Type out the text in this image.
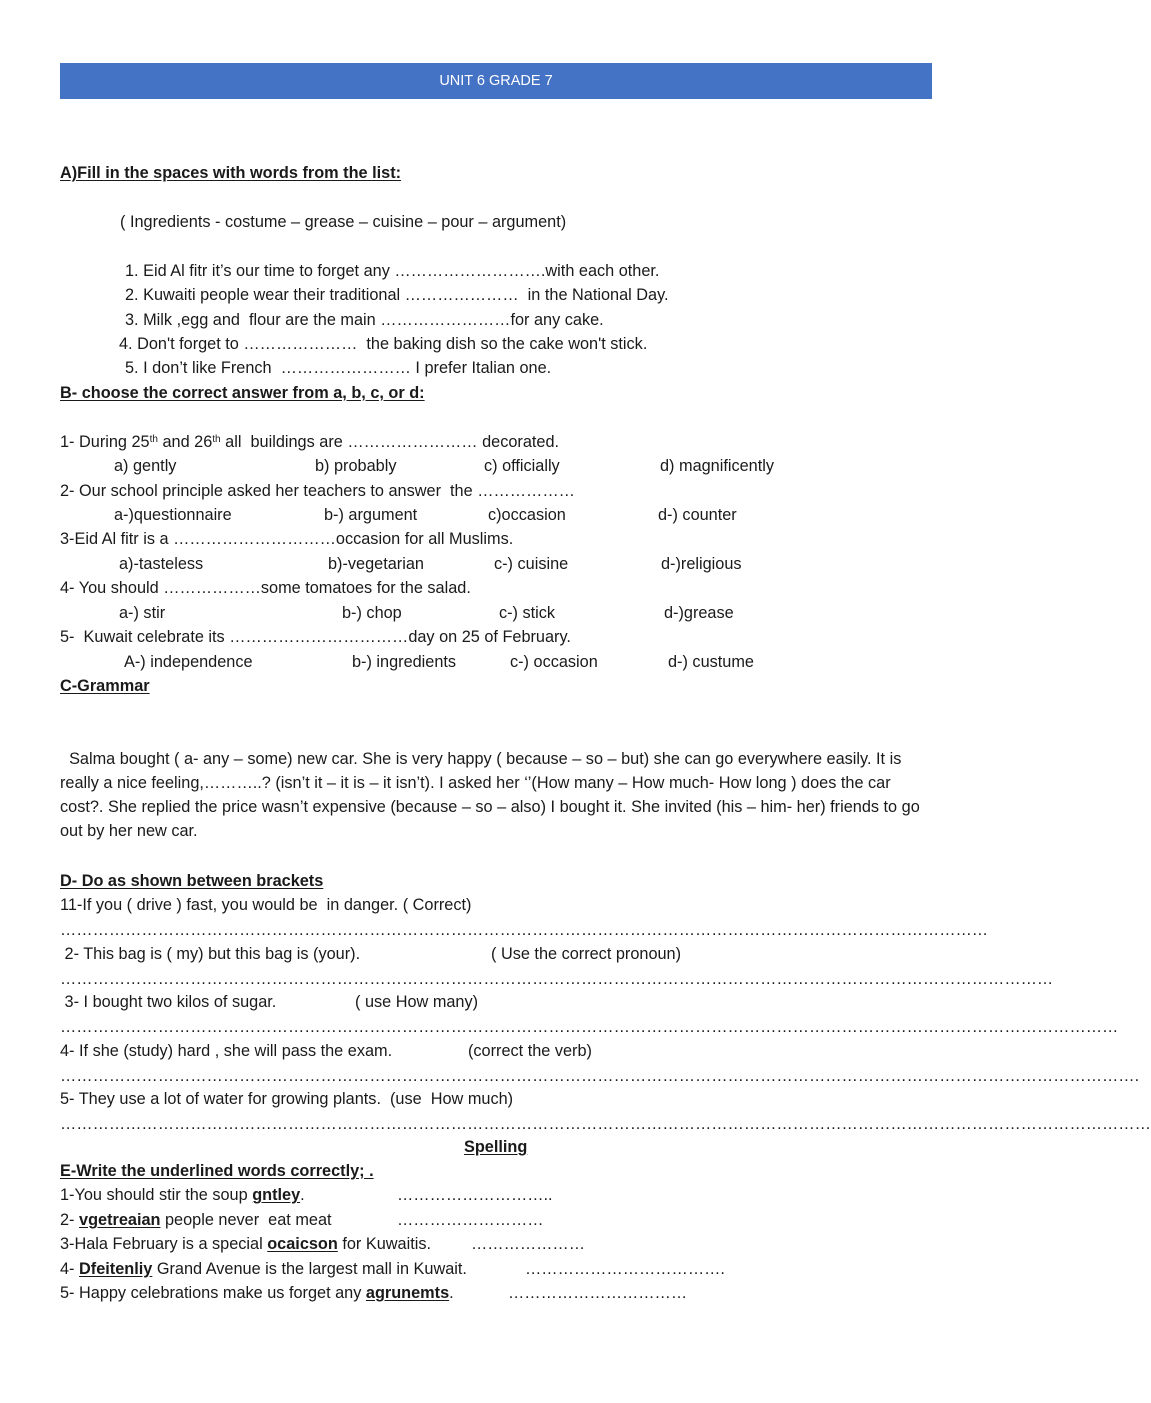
UNIT 6 GRADE 7
A)Fill in the spaces with words from the list:
( Ingredients - costume – grease – cuisine – pour – argument)
1. Eid Al fitr it’s our time to forget any ……………………….with each other.
2. Kuwaiti people wear their traditional …………………  in the National Day.
3. Milk ,egg and  flour are the main ……………………for any cake.
4. Don't forget to …………………  the baking dish so the cake won't stick.
5. I don’t like French  …………………… I prefer Italian one.
B- choose the correct answer from a, b, c, or d:
1- During 25th and 26th all  buildings are …………………… decorated.
a) gently	b) probably	c) officially	d) magnificently
2- Our school principle asked her teachers to answer  the ………………
a-)questionnaire	b-) argument	c)occasion	d-) counter
3-Eid Al fitr is a …………………………occasion for all Muslims.
a)-tasteless	b)-vegetarian	c-) cuisine	d-)religious
4- You should ………………some tomatoes for the salad.
a-) stir	b-) chop	c-) stick	d-)grease
5-  Kuwait celebrate its ……………………………day on 25 of February.
A-) independence	b-) ingredients	c-) occasion	d-) custume
C-Grammar
Salma bought ( a- any – some) new car. She is very happy ( because – so – but) she can go everywhere easily. It is really a nice feeling,………..? (isn’t it – it is – it isn’t). I asked her ‘’(How many – How much- How long ) does the car cost?. She replied the price wasn’t expensive (because – so – also) I bought it. She invited (his – him- her) friends to go out by her new car.
D- Do as shown between brackets
11-If you ( drive ) fast, you would be  in danger. ( Correct)
………………………………………………………………………………………………………………………………………………………
2- This bag is ( my) but this bag is (your).	( Use the correct pronoun)
…………………………………………………………………………………………………………………………………………………………………
3- I bought two kilos of sugar.	( use How many)
……………………………………………………………………………………………………………………………………………………………………………
4- If she (study) hard , she will pass the exam.	(correct the verb)
……………………………………………………………………………………………………………………………………………………………………………….
5- They use a lot of water for growing plants.  (use  How much)
…………………………………………………………………………………………………………………………………………………………………………………
Spelling
E-Write the underlined words correctly; .
1-You should stir the soup gntley.	………………………..
2- vgetreaian people never  eat meat	………………………
3-Hala February is a special ocaicson for Kuwaitis. …………………
4- Dfeitenliy Grand Avenue is the largest mall in Kuwait.	……………………………….
5- Happy celebrations make us forget any agrunemts.	……………………………
